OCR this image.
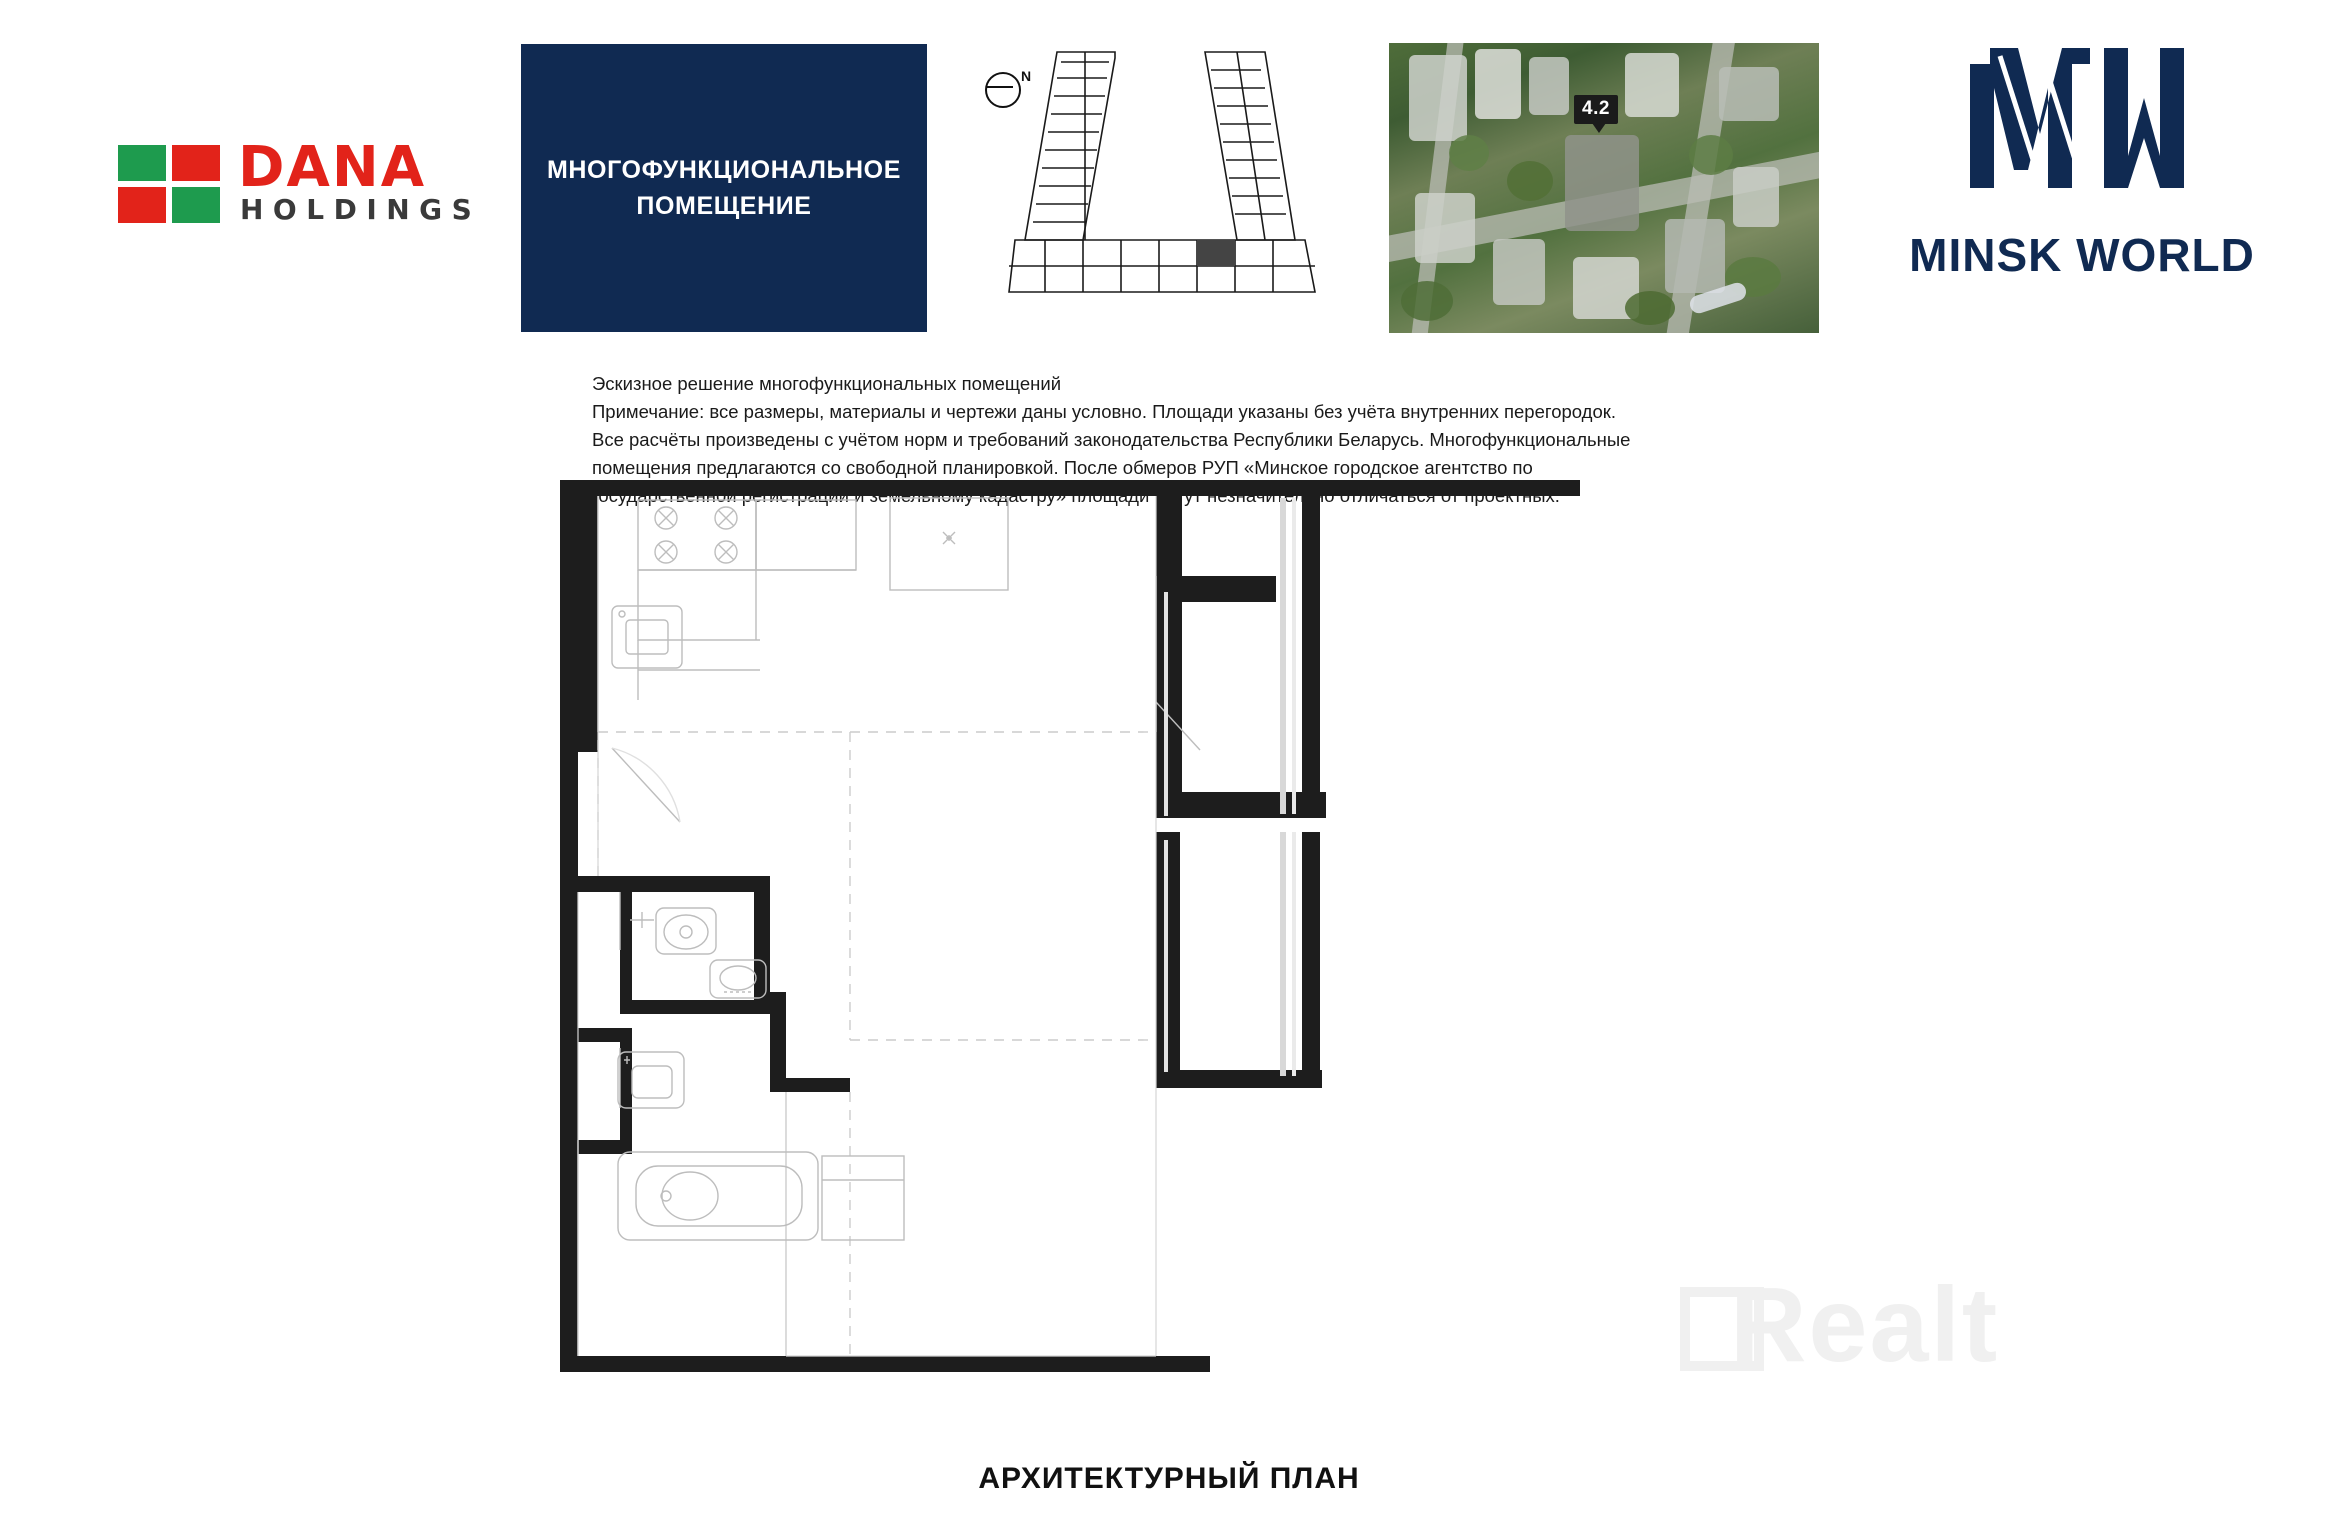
DANA
HOLDINGS
МНОГОФУНКЦИОНАЛЬНОЕ ПОМЕЩЕНИЕ
N
4.2
MINSK WORLD
Эскизное решение многофункциональных помещений
Примечание: все размеры, материалы и чертежи даны условно. Площади указаны без учёта внутренних перегородок.
Все расчёты произведены с учётом норм и требований законодательства Республики Беларусь. Многофункциональные
помещения предлагаются со свободной планировкой. После обмеров РУП «Минское городское агентство по
Realt
АРХИТЕКТУРНЫЙ ПЛАН
